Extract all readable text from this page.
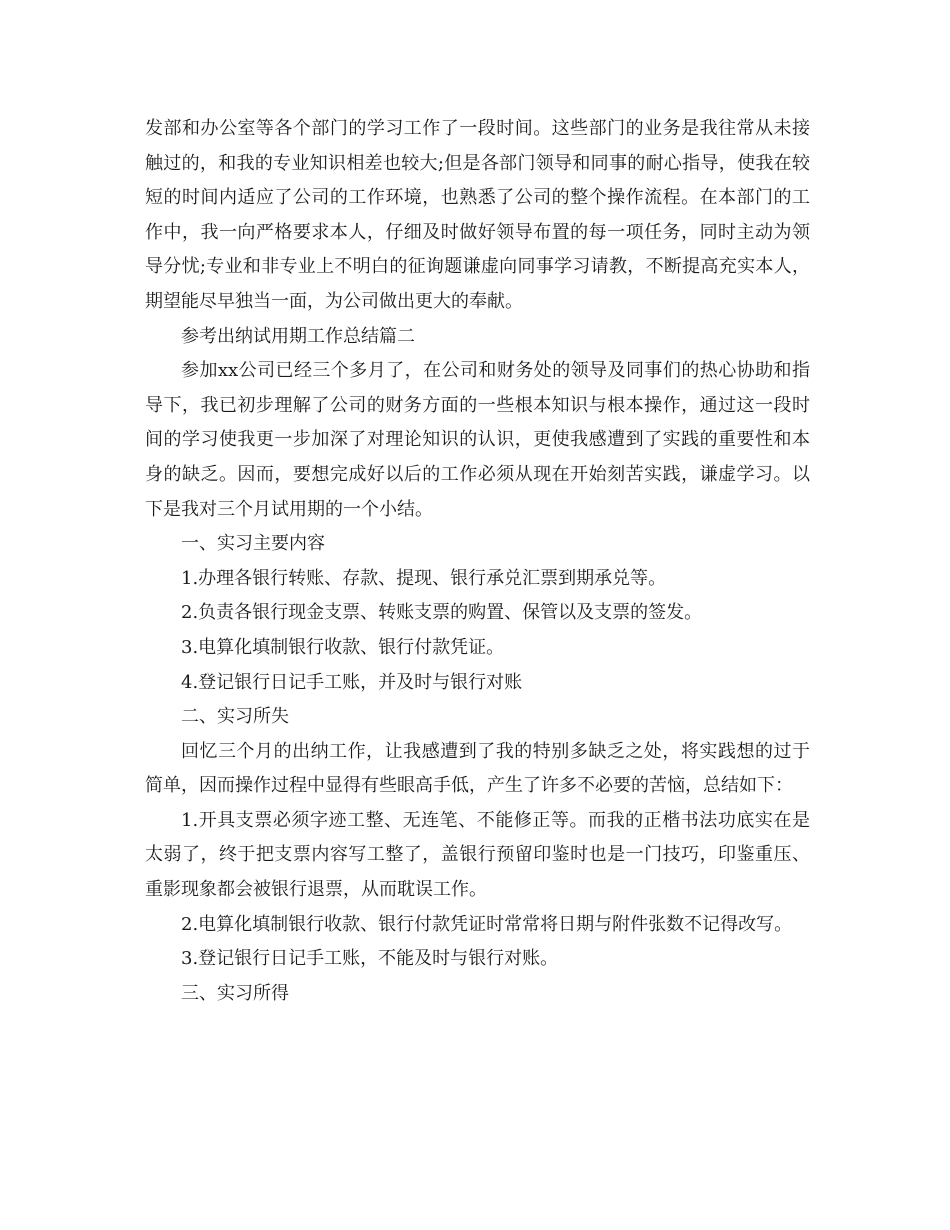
发部和办公室等各个部门的学习工作了一段时间。这些部门的业务是我往常从未接触过的，和我的专业知识相差也较大;但是各部门领导和同事的耐心指导，使我在较短的时间内适应了公司的工作环境，也熟悉了公司的整个操作流程。在本部门的工作中，我一向严格要求本人，仔细及时做好领导布置的每一项任务，同时主动为领导分忧;专业和非专业上不明白的征询题谦虚向同事学习请教，不断提高充实本人，期望能尽早独当一面，为公司做出更大的奉献。

参考出纳试用期工作总结篇二

参加xx公司已经三个多月了，在公司和财务处的领导及同事们的热心协助和指导下，我已初步理解了公司的财务方面的一些根本知识与根本操作，通过这一段时间的学习使我更一步加深了对理论知识的认识，更使我感遭到了实践的重要性和本身的缺乏。因而，要想完成好以后的工作必须从现在开始刻苦实践，谦虚学习。以下是我对三个月试用期的一个小结。

一、实习主要内容

1.办理各银行转账、存款、提现、银行承兑汇票到期承兑等。

2.负责各银行现金支票、转账支票的购置、保管以及支票的签发。

3.电算化填制银行收款、银行付款凭证。

4.登记银行日记手工账，并及时与银行对账

二、实习所失

回忆三个月的出纳工作，让我感遭到了我的特别多缺乏之处，将实践想的过于简单，因而操作过程中显得有些眼高手低，产生了许多不必要的苦恼，总结如下：

1.开具支票必须字迹工整、无连笔、不能修正等。而我的正楷书法功底实在是太弱了，终于把支票内容写工整了，盖银行预留印鉴时也是一门技巧，印鉴重压、重影现象都会被银行退票，从而耽误工作。

2.电算化填制银行收款、银行付款凭证时常常将日期与附件张数不记得改写。

3.登记银行日记手工账，不能及时与银行对账。

三、实习所得
